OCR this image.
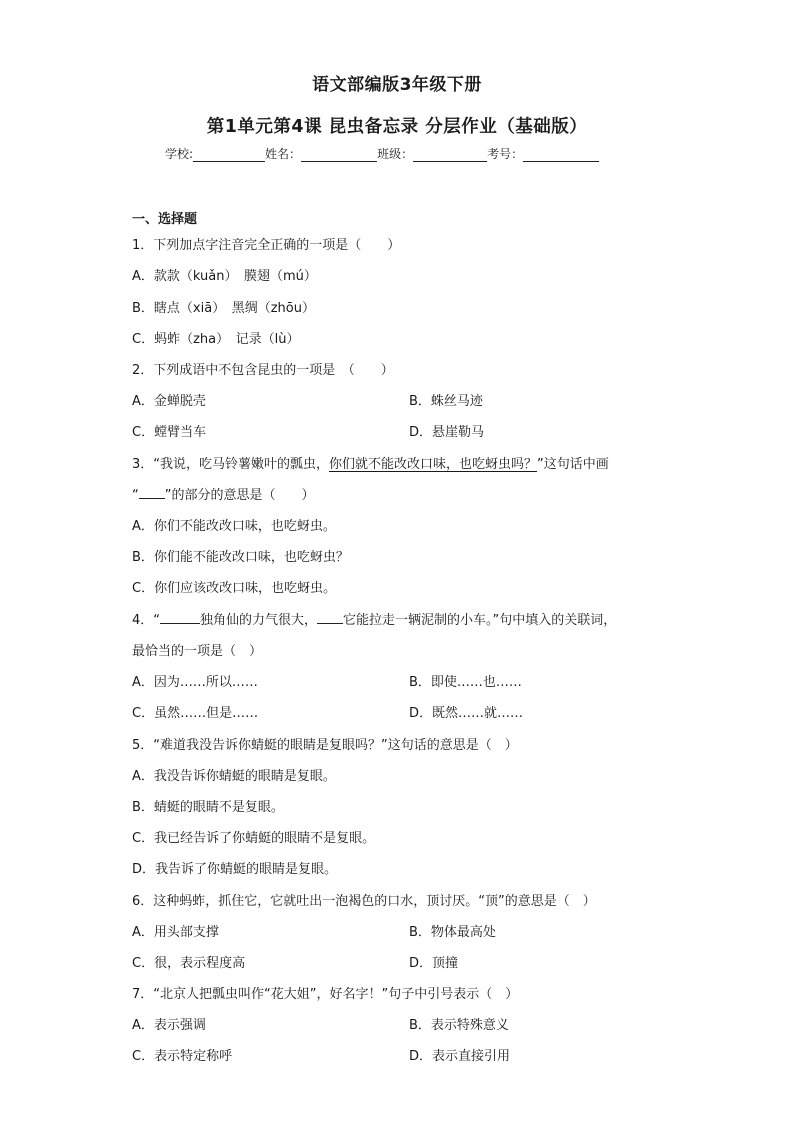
语文部编版3年级下册
第1单元第4课 昆虫备忘录 分层作业（基础版）
学校:	姓名：	班级：	考号：
一、选择题
1．下列加点字注音完全正确的一项是（　　）
A．款款（kuǎn）　膜翅（mú）
B．瞎点（xiā）　黑绸（zhōu）
C．蚂蚱（zha）　记录（lù）
2．下列成语中不包含昆虫的一项是　（　　）
A．金蝉脱壳	B．蛛丝马迹
C．螳臂当车	D．悬崖勒马
3．“我说，吃马铃薯嫩叶的瓢虫，你们就不能改改口味，也吃蚜虫吗？”这句话中画
“ ”的部分的意思是（　　）
A．你们不能改改口味，也吃蚜虫。
B．你们能不能改改口味，也吃蚜虫？
C．你们应该改改口味，也吃蚜虫。
4．“	独角仙的力气很大， 它能拉走一辆泥制的小车。”句中填入的关联词，
最恰当的一项是（　）
A．因为……所以……	B．即使……也……
C．虽然……但是……	D．既然……就……
5．“难道我没告诉你蜻蜓的眼睛是复眼吗？”这句话的意思是（　）
A．我没告诉你蜻蜓的眼睛是复眼。
B．蜻蜓的眼睛不是复眼。
C．我已经告诉了你蜻蜓的眼睛不是复眼。
D．我告诉了你蜻蜓的眼睛是复眼。
6．这种蚂蚱，抓住它，它就吐出一泡褐色的口水，顶讨厌。“顶”的意思是（　）
A．用头部支撑	B．物体最高处
C．很，表示程度高	D．顶撞
7．“北京人把瓢虫叫作“花大姐”，好名字！”句子中引号表示（　）
A．表示强调	B．表示特殊意义
C．表示特定称呼	D．表示直接引用
